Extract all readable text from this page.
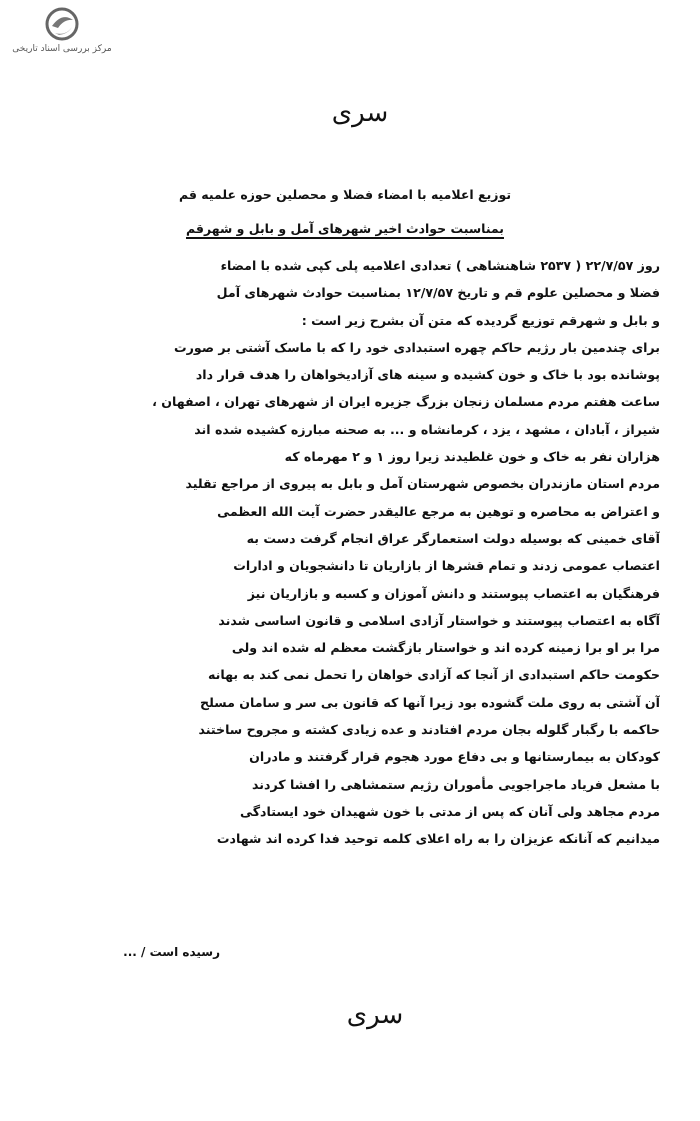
مرکز بررسی اسناد تاریخی
سری
توزیع اعلامیه با امضاء فضلا و محصلین حوزه علمیه قم
بمناسبت حوادث اخیر شهرهای آمل و بابل و شهرقم
روز ۲۲/۷/۵۷ ( ۲۵۳۷ شاهنشاهی ) تعدادی اعلامیه پلی کپی شده با امضاء
فضلا و محصلین علوم قم و تاریخ ۱۲/۷/۵۷ بمناسبت حوادث شهرهای آمل
و بابل و شهرقم توزیع گردیده که متن آن بشرح زیر است :
برای چندمین بار رژیم حاکم چهره استبدادی خود را که با ماسک آشتی بر صورت
پوشانده بود با خاک و خون کشیده و سینه های آزادیخواهان را هدف قرار داد
ساعت هفتم مردم مسلمان زنجان بزرگ جزیره ایران از شهرهای تهران ، اصفهان ،
شیراز ، آبادان ، مشهد ، یزد ، کرمانشاه و ... به صحنه مبارزه کشیده شده اند
هزاران نفر به خاک و خون غلطیدند زیرا روز ۱ و ۲ مهرماه که
مردم استان مازندران بخصوص شهرستان آمل و بابل به پیروی از مراجع تقلید
و اعتراض به محاصره و توهین به مرجع عالیقدر حضرت آیت الله العظمی
آقای خمینی که بوسیله دولت استعمارگر عراق انجام گرفت دست به
اعتصاب عمومی زدند و تمام قشرها از بازاریان تا دانشجویان و ادارات
فرهنگیان به اعتصاب پیوستند و دانش آموزان و کسبه و بازاریان نیز
آگاه به اعتصاب پیوستند و خواستار آزادی اسلامی و قانون اساسی شدند
مرا بر او برا زمینه کرده اند و خواستار بازگشت معظم له شده اند ولی
حکومت حاکم استبدادی از آنجا که آزادی خواهان را تحمل نمی کند به بهانه
آن آشتی به روی ملت گشوده بود زیرا آنها که قانون بی سر و سامان مسلح
حاکمه با رگبار گلوله بجان مردم افتادند و عده زیادی کشته و مجروح ساختند
کودکان به بیمارستانها و بی دفاع مورد هجوم قرار گرفتند و مادران
با مشعل فریاد ماجراجویی مأموران رژیم ستمشاهی را افشا کردند
مردم مجاهد ولی آنان که پس از مدتی با خون شهیدان خود ایستادگی
میدانیم که آنانکه عزیزان را به راه اعلای کلمه توحید فدا کرده اند شهادت
رسیده است / ...
سری
